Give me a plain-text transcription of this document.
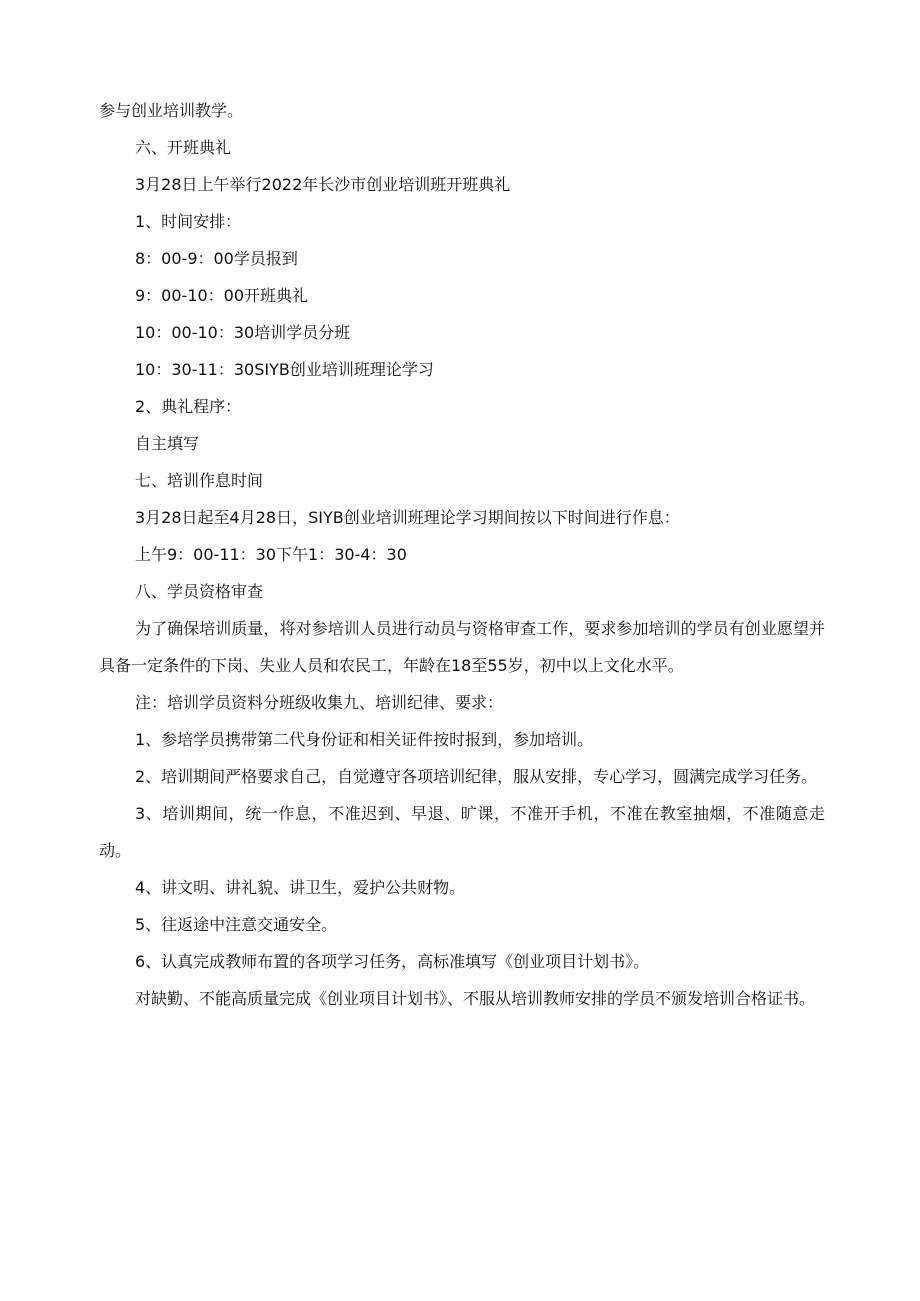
参与创业培训教学。

六、开班典礼

3月28日上午举行2022年长沙市创业培训班开班典礼

1、时间安排：

8：00-9：00学员报到

9：00-10：00开班典礼

10：00-10：30培训学员分班

10：30-11：30SIYB创业培训班理论学习

2、典礼程序：

自主填写

七、培训作息时间

3月28日起至4月28日，SIYB创业培训班理论学习期间按以下时间进行作息：

上午9：00-11：30下午1：30-4：30

八、学员资格审查

为了确保培训质量，将对参培训人员进行动员与资格审查工作，要求参加培训的学员有创业愿望并具备一定条件的下岗、失业人员和农民工，年龄在18至55岁，初中以上文化水平。

注：培训学员资料分班级收集九、培训纪律、要求：

1、参培学员携带第二代身份证和相关证件按时报到，参加培训。

2、培训期间严格要求自己，自觉遵守各项培训纪律，服从安排，专心学习，圆满完成学习任务。

3、培训期间，统一作息，不准迟到、早退、旷课，不准开手机，不准在教室抽烟，不准随意走动。

4、讲文明、讲礼貌、讲卫生，爱护公共财物。

5、往返途中注意交通安全。

6、认真完成教师布置的各项学习任务，高标准填写《创业项目计划书》。

对缺勤、不能高质量完成《创业项目计划书》、不服从培训教师安排的学员不颁发培训合格证书。
